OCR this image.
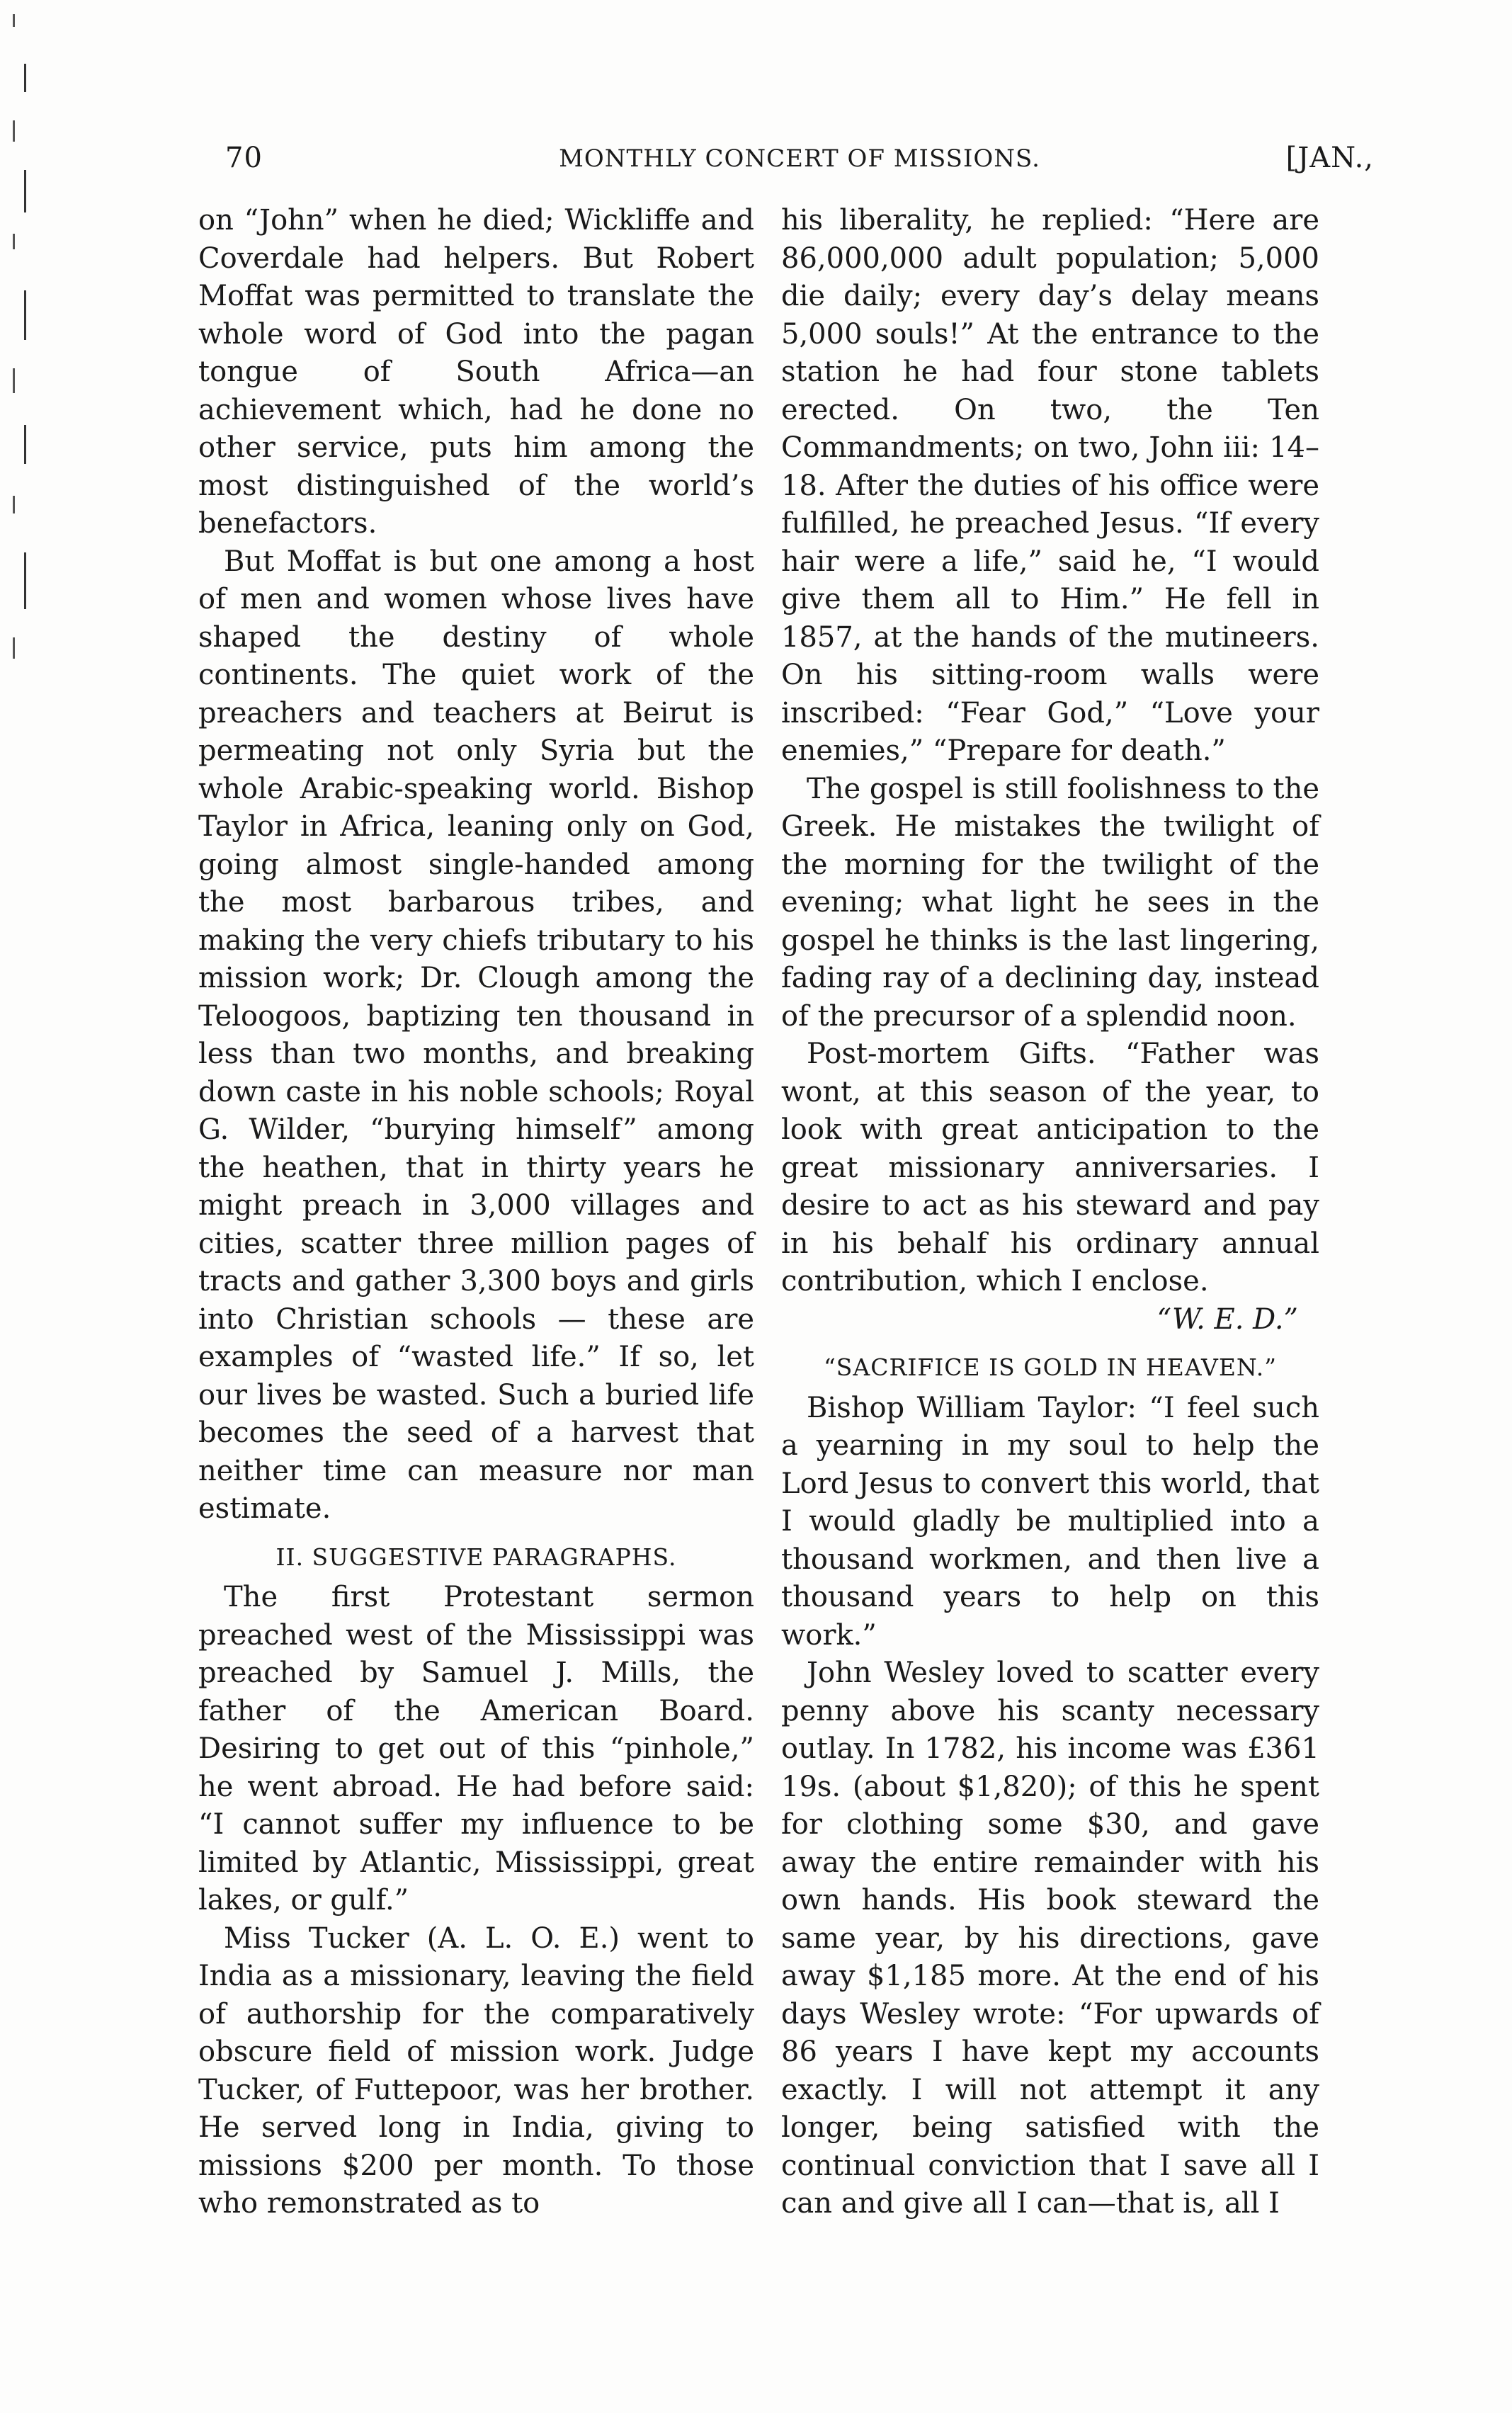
70	MONTHLY CONCERT OF MISSIONS.	[JAN.,

on “John” when he died; Wickliffe and Coverdale had helpers. But Robert Moffat was permitted to translate the whole word of God into the pagan tongue of South Africa—an achievement which, had he done no other service, puts him among the most distinguished of the world’s benefactors.

But Moffat is but one among a host of men and women whose lives have shaped the destiny of whole continents. The quiet work of the preachers and teachers at Beirut is permeating not only Syria but the whole Arabic-speaking world. Bishop Taylor in Africa, leaning only on God, going almost single-handed among the most barbarous tribes, and making the very chiefs tributary to his mission work; Dr. Clough among the Teloogoos, baptizing ten thousand in less than two months, and breaking down caste in his noble schools; Royal G. Wilder, “burying himself” among the heathen, that in thirty years he might preach in 3,000 villages and cities, scatter three million pages of tracts and gather 3,300 boys and girls into Christian schools — these are examples of “wasted life.” If so, let our lives be wasted. Such a buried life becomes the seed of a harvest that neither time can measure nor man estimate.

II. SUGGESTIVE PARAGRAPHS.

The first Protestant sermon preached west of the Mississippi was preached by Samuel J. Mills, the father of the American Board. Desiring to get out of this “pinhole,” he went abroad. He had before said: “I cannot suffer my influence to be limited by Atlantic, Mississippi, great lakes, or gulf.”

Miss Tucker (A. L. O. E.) went to India as a missionary, leaving the field of authorship for the comparatively obscure field of mission work. Judge Tucker, of Futtepoor, was her brother. He served long in India, giving to missions $200 per month. To those who remonstrated as to

his liberality, he replied: “Here are 86,000,000 adult population; 5,000 die daily; every day’s delay means 5,000 souls!” At the entrance to the station he had four stone tablets erected. On two, the Ten Commandments; on two, John iii: 14–18. After the duties of his office were fulfilled, he preached Jesus. “If every hair were a life,” said he, “I would give them all to Him.” He fell in 1857, at the hands of the mutineers. On his sitting-room walls were inscribed: “Fear God,” “Love your enemies,” “Prepare for death.”

The gospel is still foolishness to the Greek. He mistakes the twilight of the morning for the twilight of the evening; what light he sees in the gospel he thinks is the last lingering, fading ray of a declining day, instead of the precursor of a splendid noon.

Post-mortem Gifts. “Father was wont, at this season of the year, to look with great anticipation to the great missionary anniversaries. I desire to act as his steward and pay in his behalf his ordinary annual contribution, which I enclose.

“W. E. D.”

“SACRIFICE IS GOLD IN HEAVEN.”

Bishop William Taylor: “I feel such a yearning in my soul to help the Lord Jesus to convert this world, that I would gladly be multiplied into a thousand workmen, and then live a thousand years to help on this work.”

John Wesley loved to scatter every penny above his scanty necessary outlay. In 1782, his income was £361 19s. (about $1,820); of this he spent for clothing some $30, and gave away the entire remainder with his own hands. His book steward the same year, by his directions, gave away $1,185 more. At the end of his days Wesley wrote: “For upwards of 86 years I have kept my accounts exactly. I will not attempt it any longer, being satisfied with the continual conviction that I save all I can and give all I can—that is, all I
